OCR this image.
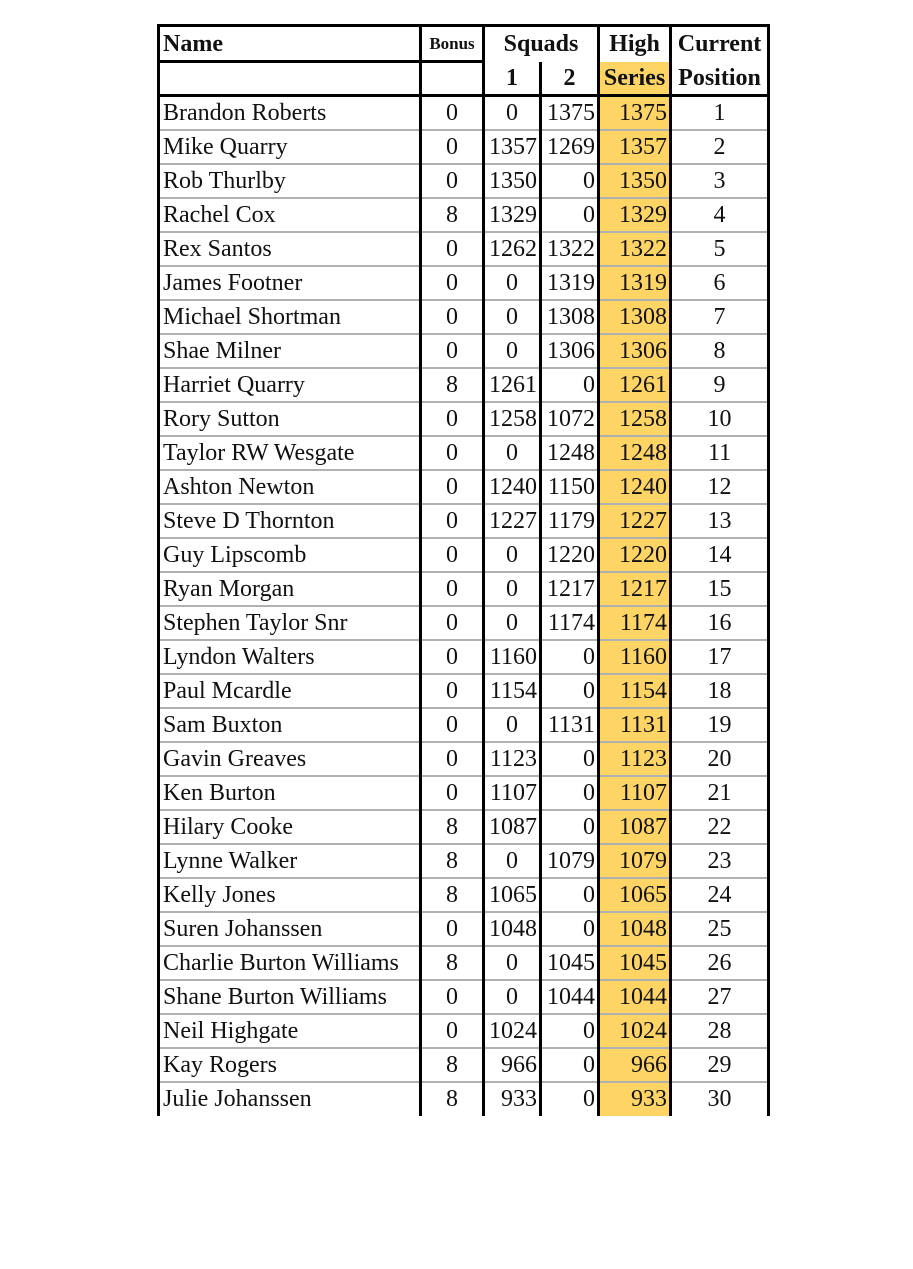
Name	Bonus	Squads		High	Current
		1	2	Series	Position
Brandon Roberts	0	0	1375	1375	1
Mike Quarry	0	1357	1269	1357	2
Rob Thurlby	0	1350	0	1350	3
Rachel Cox	8	1329	0	1329	4
Rex Santos	0	1262	1322	1322	5
James Footner	0	0	1319	1319	6
Michael Shortman	0	0	1308	1308	7
Shae Milner	0	0	1306	1306	8
Harriet Quarry	8	1261	0	1261	9
Rory Sutton	0	1258	1072	1258	10
Taylor RW Wesgate	0	0	1248	1248	11
Ashton Newton	0	1240	1150	1240	12
Steve D Thornton	0	1227	1179	1227	13
Guy Lipscomb	0	0	1220	1220	14
Ryan Morgan	0	0	1217	1217	15
Stephen Taylor Snr	0	0	1174	1174	16
Lyndon Walters	0	1160	0	1160	17
Paul Mcardle	0	1154	0	1154	18
Sam Buxton	0	0	1131	1131	19
Gavin Greaves	0	1123	0	1123	20
Ken Burton	0	1107	0	1107	21
Hilary Cooke	8	1087	0	1087	22
Lynne Walker	8	0	1079	1079	23
Kelly Jones	8	1065	0	1065	24
Suren Johanssen	0	1048	0	1048	25
Charlie Burton Williams	8	0	1045	1045	26
Shane Burton Williams	0	0	1044	1044	27
Neil Highgate	0	1024	0	1024	28
Kay Rogers	8	966	0	966	29
Julie Johanssen	8	933	0	933	30
